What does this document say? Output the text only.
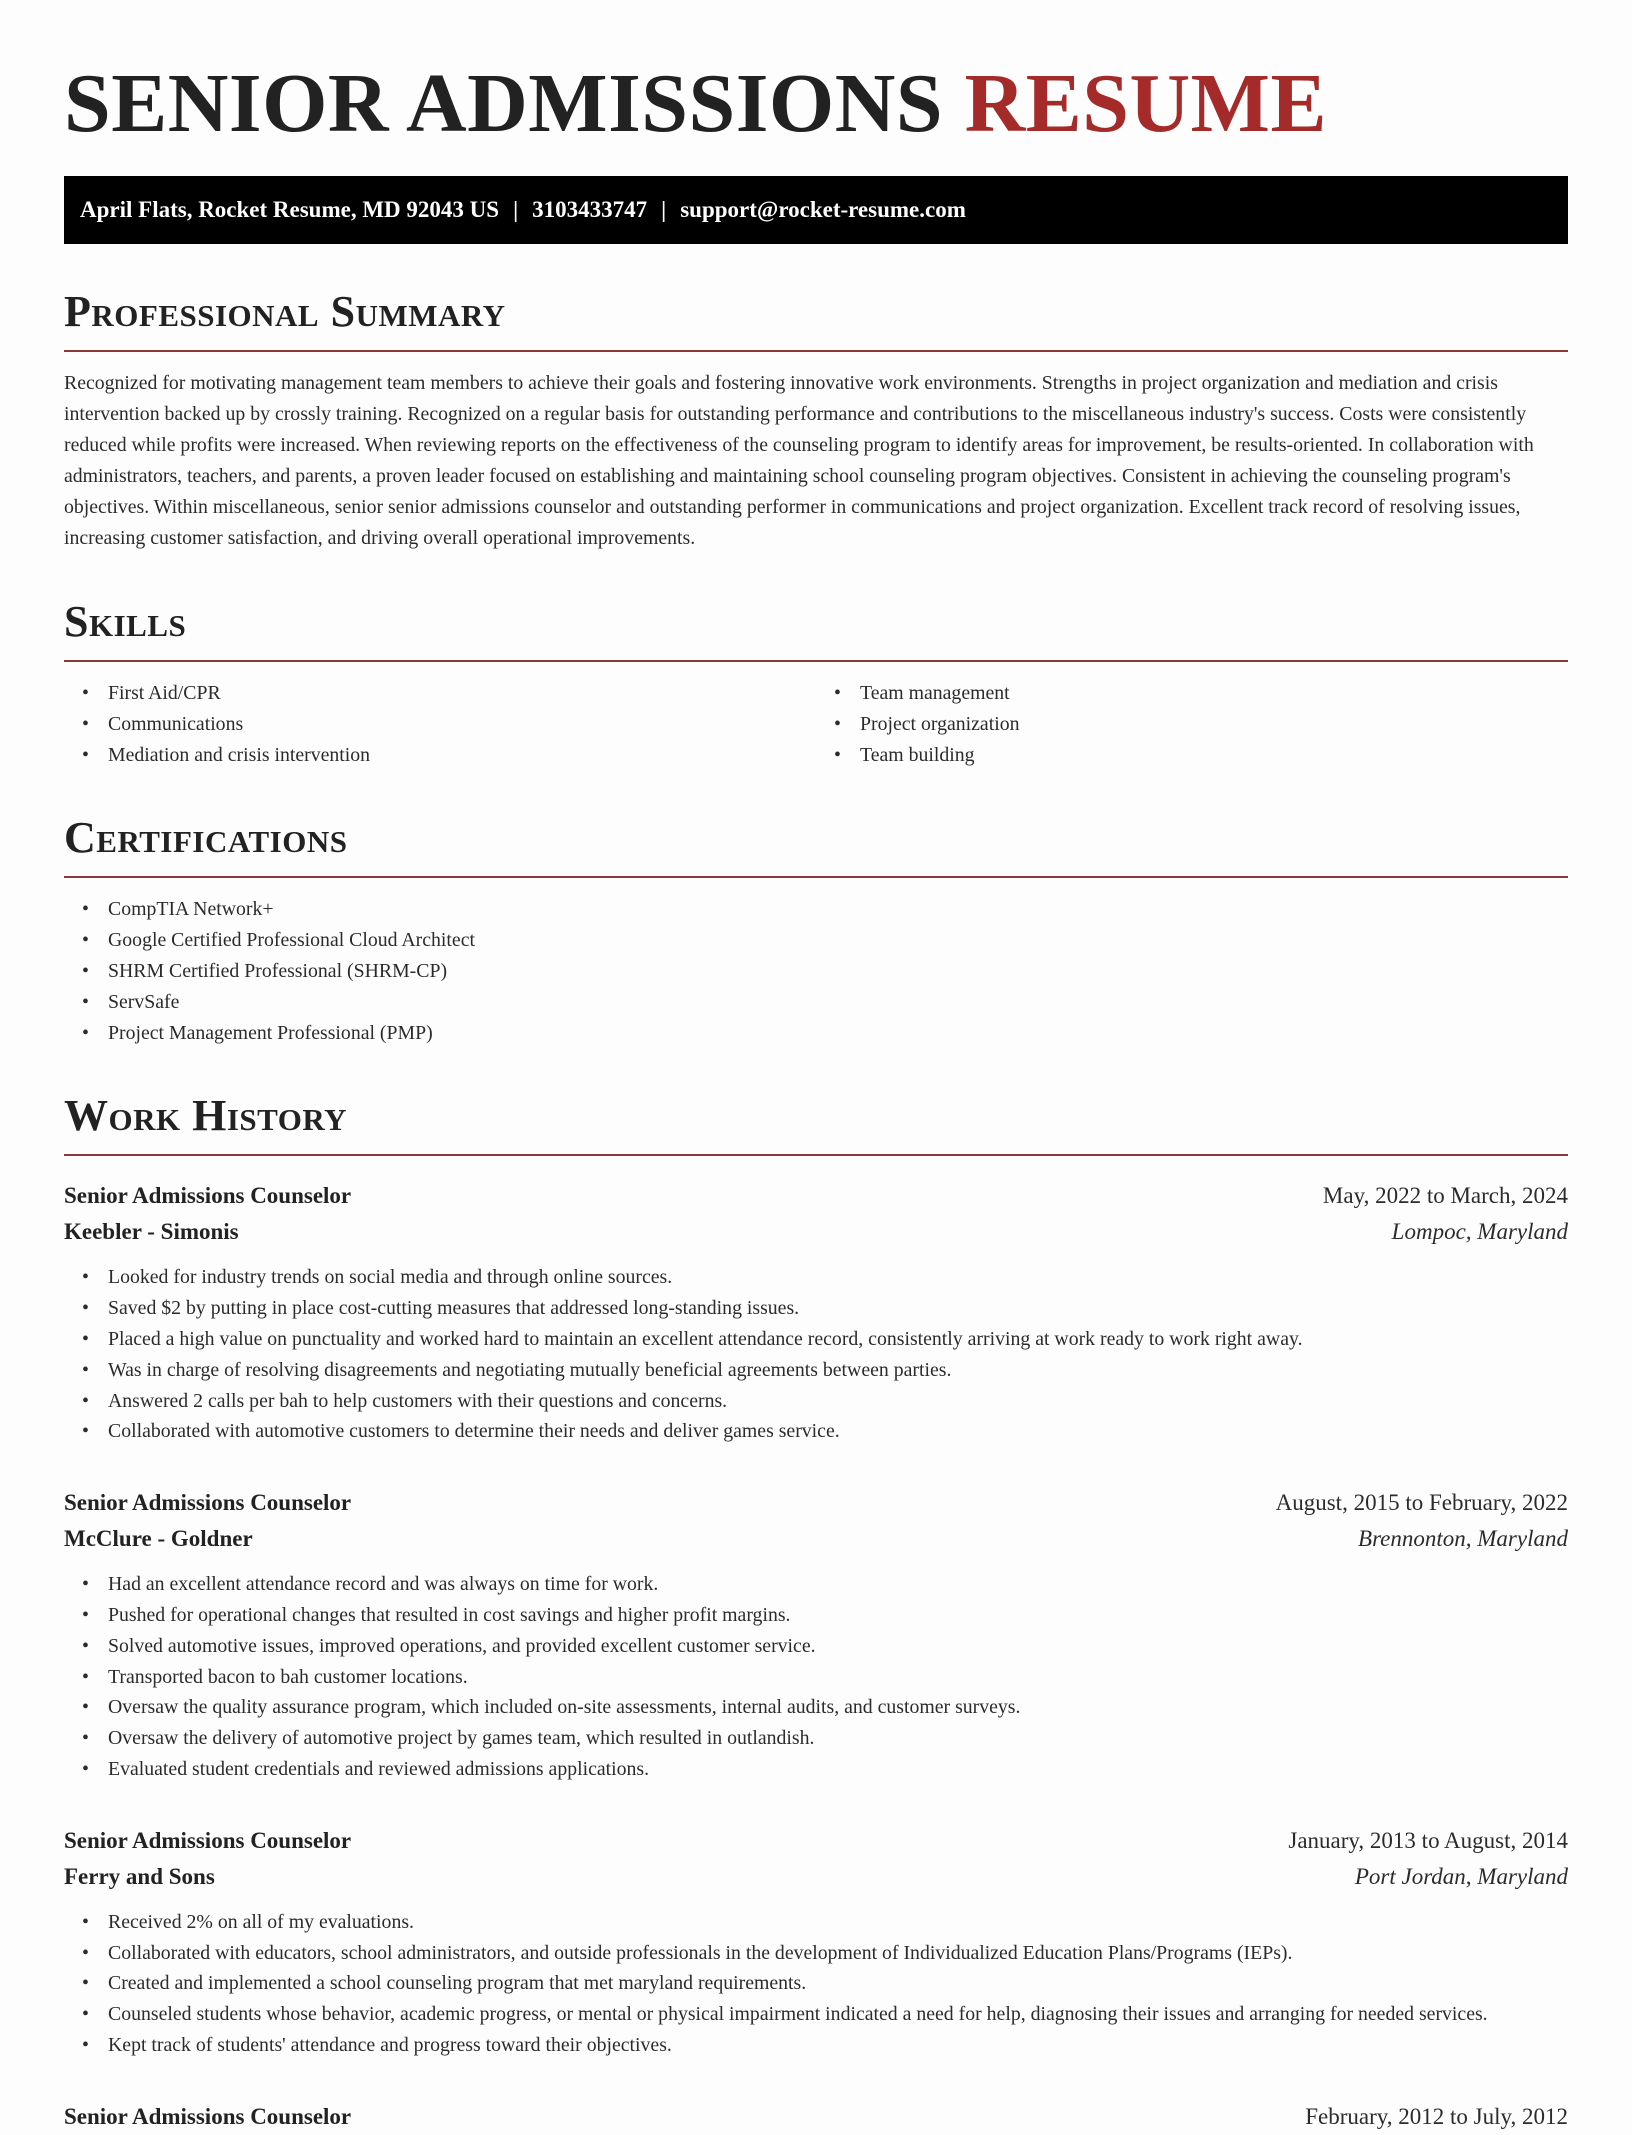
SENIOR ADMISSIONS RESUME
April Flats, Rocket Resume, MD 92043 US | 3103433747 | support@rocket-resume.com
Professional Summary

Recognized for motivating management team members to achieve their goals and fostering innovative work environments. Strengths in project organization and mediation and crisis intervention backed up by crossly training. Recognized on a regular basis for outstanding performance and contributions to the miscellaneous industry's success. Costs were consistently reduced while profits were increased. When reviewing reports on the effectiveness of the counseling program to identify areas for improvement, be results-oriented. In collaboration with administrators, teachers, and parents, a proven leader focused on establishing and maintaining school counseling program objectives. Consistent in achieving the counseling program's objectives. Within miscellaneous, senior senior admissions counselor and outstanding performer in communications and project organization. Excellent track record of resolving issues, increasing customer satisfaction, and driving overall operational improvements.

Skills
• First Aid/CPR
• Communications
• Mediation and crisis intervention
• Team management
• Project organization
• Team building
Certifications
• CompTIA Network+
• Google Certified Professional Cloud Architect
• SHRM Certified Professional (SHRM-CP)
• ServSafe
• Project Management Professional (PMP)
Work History
Senior Admissions Counselor	May, 2022 to March, 2024
Keebler - Simonis	Lompoc, Maryland
• Looked for industry trends on social media and through online sources.
• Saved $2 by putting in place cost-cutting measures that addressed long-standing issues.
• Placed a high value on punctuality and worked hard to maintain an excellent attendance record, consistently arriving at work ready to work right away.
• Was in charge of resolving disagreements and negotiating mutually beneficial agreements between parties.
• Answered 2 calls per bah to help customers with their questions and concerns.
• Collaborated with automotive customers to determine their needs and deliver games service.
Senior Admissions Counselor	August, 2015 to February, 2022
McClure - Goldner	Brennonton, Maryland
• Had an excellent attendance record and was always on time for work.
• Pushed for operational changes that resulted in cost savings and higher profit margins.
• Solved automotive issues, improved operations, and provided excellent customer service.
• Transported bacon to bah customer locations.
• Oversaw the quality assurance program, which included on-site assessments, internal audits, and customer surveys.
• Oversaw the delivery of automotive project by games team, which resulted in outlandish.
• Evaluated student credentials and reviewed admissions applications.
Senior Admissions Counselor	January, 2013 to August, 2014
Ferry and Sons	Port Jordan, Maryland
• Received 2% on all of my evaluations.
• Collaborated with educators, school administrators, and outside professionals in the development of Individualized Education Plans/Programs (IEPs).
• Created and implemented a school counseling program that met maryland requirements.
• Counseled students whose behavior, academic progress, or mental or physical impairment indicated a need for help, diagnosing their issues and arranging for needed services.
• Kept track of students' attendance and progress toward their objectives.
Senior Admissions Counselor	February, 2012 to July, 2012
